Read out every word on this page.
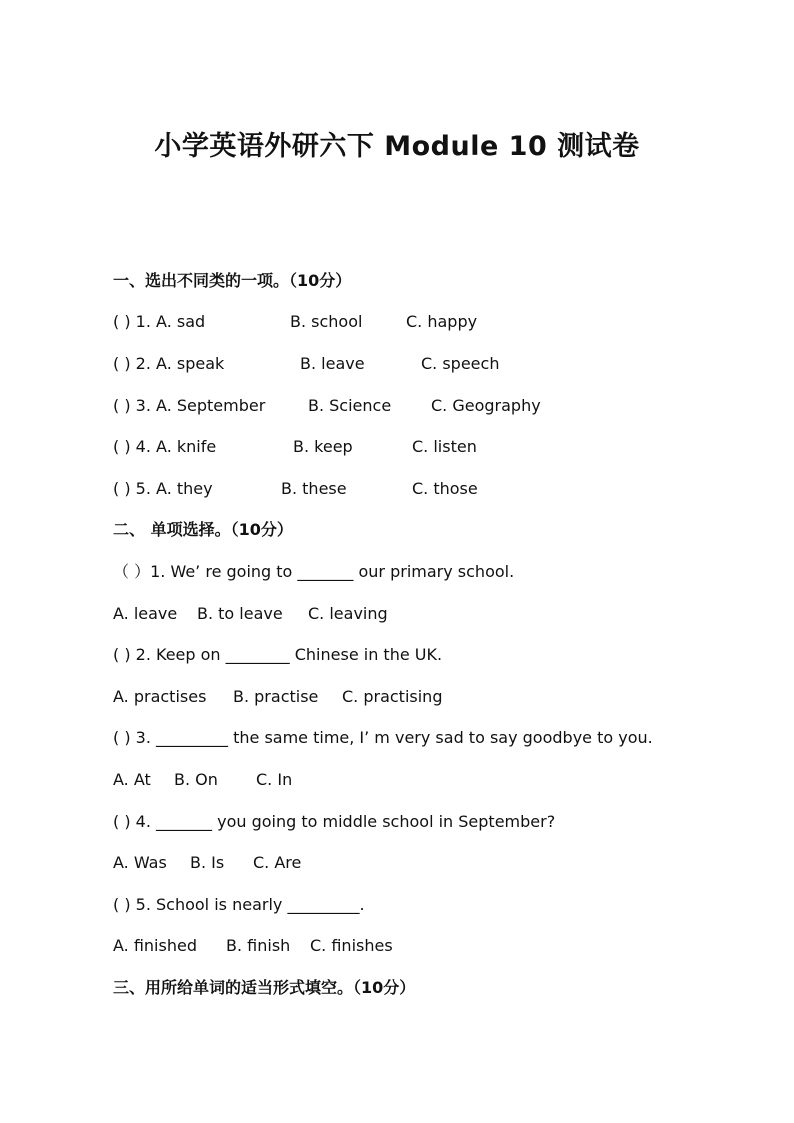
小学英语外研六下 Module 10 测试卷
一、选出不同类的一项。（10分）
( ) 1. A. sad	B. school	C. happy
( ) 2. A. speak	B. leave	C. speech
( ) 3. A. September	B. Science C. Geography
( ) 4. A. knife	B. keep	C. listen
( ) 5. A. they	B. these	C. those
二、 单项选择。（10分）
（ ）1. We’ re going to _______ our primary school.
A. leave B. to leave C. leaving
( ) 2. Keep on ________ Chinese in the UK.
A. practises B. practise C. practising
( ) 3. _________ the same time, I’ m very sad to say goodbye to you.
A. At B. On C. In
( ) 4. _______ you going to middle school in September?
A. Was B. Is C. Are
( ) 5. School is nearly _________.
A. finished B. finish C. finishes
三、用所给单词的适当形式填空。（10分）
